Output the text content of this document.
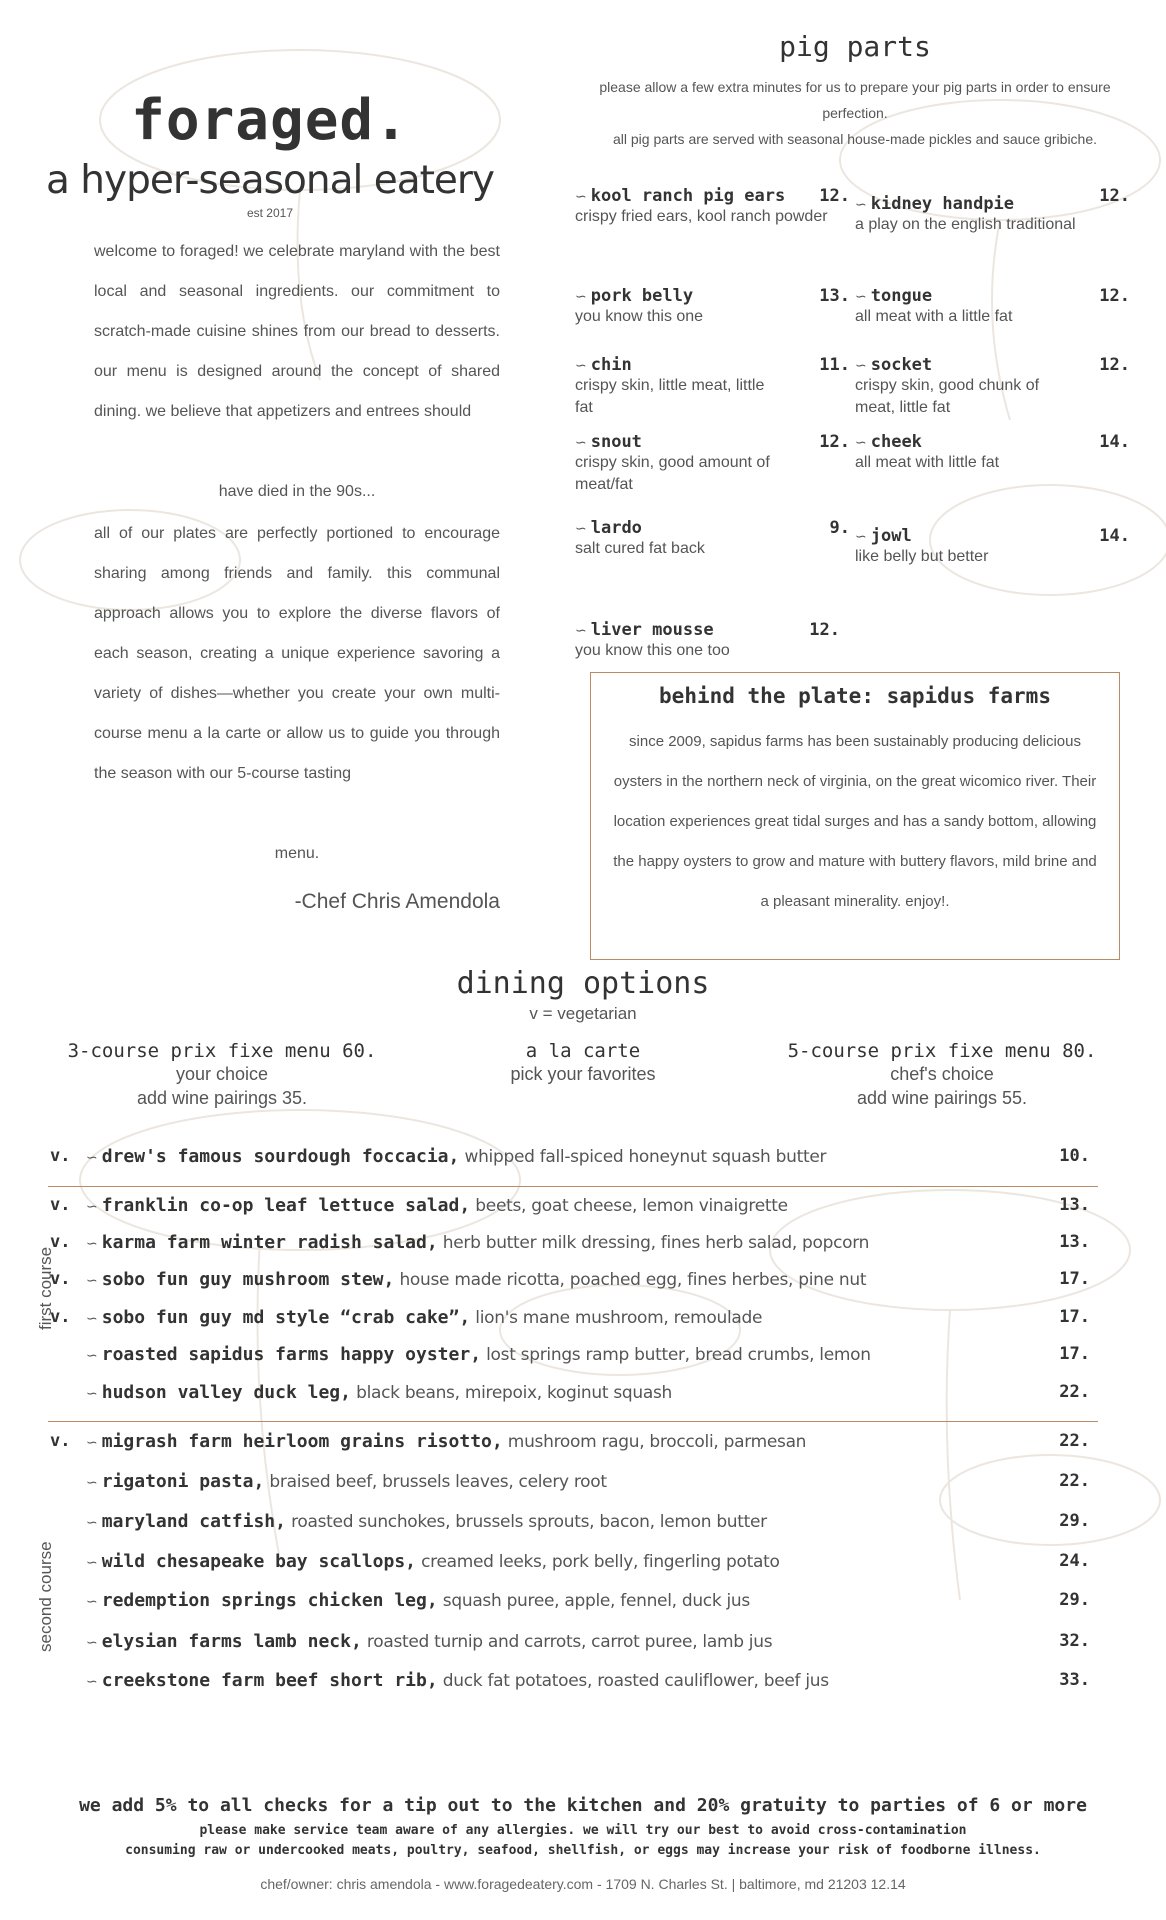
foraged.
a hyper-seasonal eatery
est 2017
welcome to foraged! we celebrate maryland with the best local and seasonal ingredients. our commitment to scratch-made cuisine shines from our bread to desserts. our menu is designed around the concept of shared dining. we believe that appetizers and entrees should
have died in the 90s...
all of our plates are perfectly portioned to encourage sharing among friends and family. this communal approach allows you to explore the diverse flavors of each season, creating a unique experience savoring a variety of dishes—whether you create your own multi-course menu a la carte or allow us to guide you through the season with our 5-course tasting
menu.
-Chef Chris Amendola
pig parts
please allow a few extra minutes for us to prepare your pig parts in order to ensure perfection.
all pig parts are served with seasonal house-made pickles and sauce gribiche.
∽ kool ranch pig ears 12.
crispy fried ears, kool ranch powder
∽ kidney handpie	12.
a play on the english traditional
∽ pork belly	13.
you know this one
∽ tongue	12.
all meat with a little fat
∽ chin	11.
crispy skin, little meat, little fat
∽ socket	12.
crispy skin, good chunk of meat, little fat
∽ snout	12.
crispy skin, good amount of meat/fat
∽ cheek	14.
all meat with little fat
∽ lardo	9.
salt cured fat back
∽ jowl	14.
like belly but better
∽ liver mousse	12.
you know this one too
behind the plate: sapidus farms
since 2009, sapidus farms has been sustainably producing delicious oysters in the northern neck of virginia, on the great wicomico river. Their location experiences great tidal surges and has a sandy bottom, allowing the happy oysters to grow and mature with buttery flavors, mild brine and a pleasant minerality. enjoy!.
dining options
v = vegetarian
3-course prix fixe menu 60.
your choice
add wine pairings 35.
a la carte
pick your favorites
5-course prix fixe menu 80.
chef's choice
add wine pairings 55.
v. ∽ drew's famous sourdough foccacia, whipped fall-spiced honeynut squash butter	10.
first course
v. ∽ franklin co-op leaf lettuce salad, beets, goat cheese, lemon vinaigrette	13.
v. ∽ karma farm winter radish salad, herb butter milk dressing, fines herb salad, popcorn	13.
v. ∽ sobo fun guy mushroom stew, house made ricotta, poached egg, fines herbes, pine nut	17.
v. ∽ sobo fun guy md style “crab cake”, lion's mane mushroom, remoulade	17.
∽ roasted sapidus farms happy oyster, lost springs ramp butter, bread crumbs, lemon	17.
∽ hudson valley duck leg, black beans, mirepoix, koginut squash	22.
second course
v. ∽ migrash farm heirloom grains risotto, mushroom ragu, broccoli, parmesan	22.
∽ rigatoni pasta, braised beef, brussels leaves, celery root	22.
∽ maryland catfish, roasted sunchokes, brussels sprouts, bacon, lemon butter	29.
∽ wild chesapeake bay scallops, creamed leeks, pork belly, fingerling potato	24.
∽ redemption springs chicken leg, squash puree, apple, fennel, duck jus	29.
∽ elysian farms lamb neck, roasted turnip and carrots, carrot puree, lamb jus	32.
∽ creekstone farm beef short rib, duck fat potatoes, roasted cauliflower, beef jus	33.
we add 5% to all checks for a tip out to the kitchen and 20% gratuity to parties of 6 or more
please make service team aware of any allergies. we will try our best to avoid cross-contamination
consuming raw or undercooked meats, poultry, seafood, shellfish, or eggs may increase your risk of foodborne illness.
chef/owner: chris amendola - www.foragedeatery.com - 1709 N. Charles St. | baltimore, md 21203 12.14
